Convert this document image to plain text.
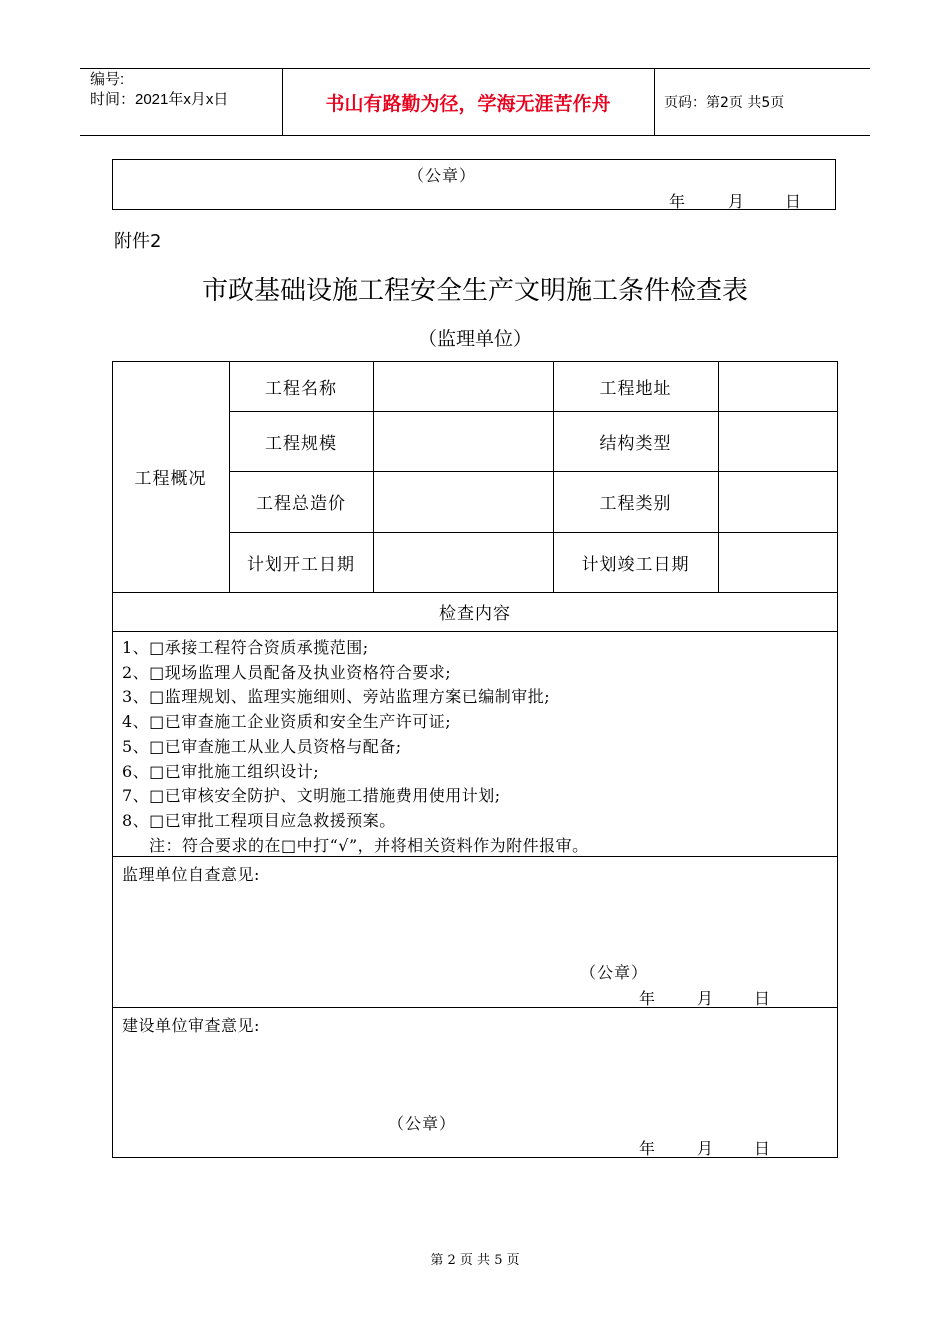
编号:
时间：2021年x月x日	书山有路勤为径，学海无涯苦作舟	页码：第2页 共5页
（公章）
年	月	日
附件2
市政基础设施工程安全生产文明施工条件检查表
（监理单位）
工程概况
工程名称	工程地址
工程规模	结构类型
工程总造价	工程类别
计划开工日期	计划竣工日期
检查内容
1、□承接工程符合资质承揽范围;
2、□现场监理人员配备及执业资格符合要求;
3、□监理规划、监理实施细则、旁站监理方案已编制审批;
4、□已审查施工企业资质和安全生产许可证;
5、□已审查施工从业人员资格与配备;
6、□已审批施工组织设计;
7、□已审核安全防护、文明施工措施费用使用计划;
8、□已审批工程项目应急救援预案。
注：符合要求的在□中打“√”，并将相关资料作为附件报审。
监理单位自查意见:
（公章）
年	月	日
建设单位审查意见:
（公章）
年	月	日
第 2 页 共 5 页
